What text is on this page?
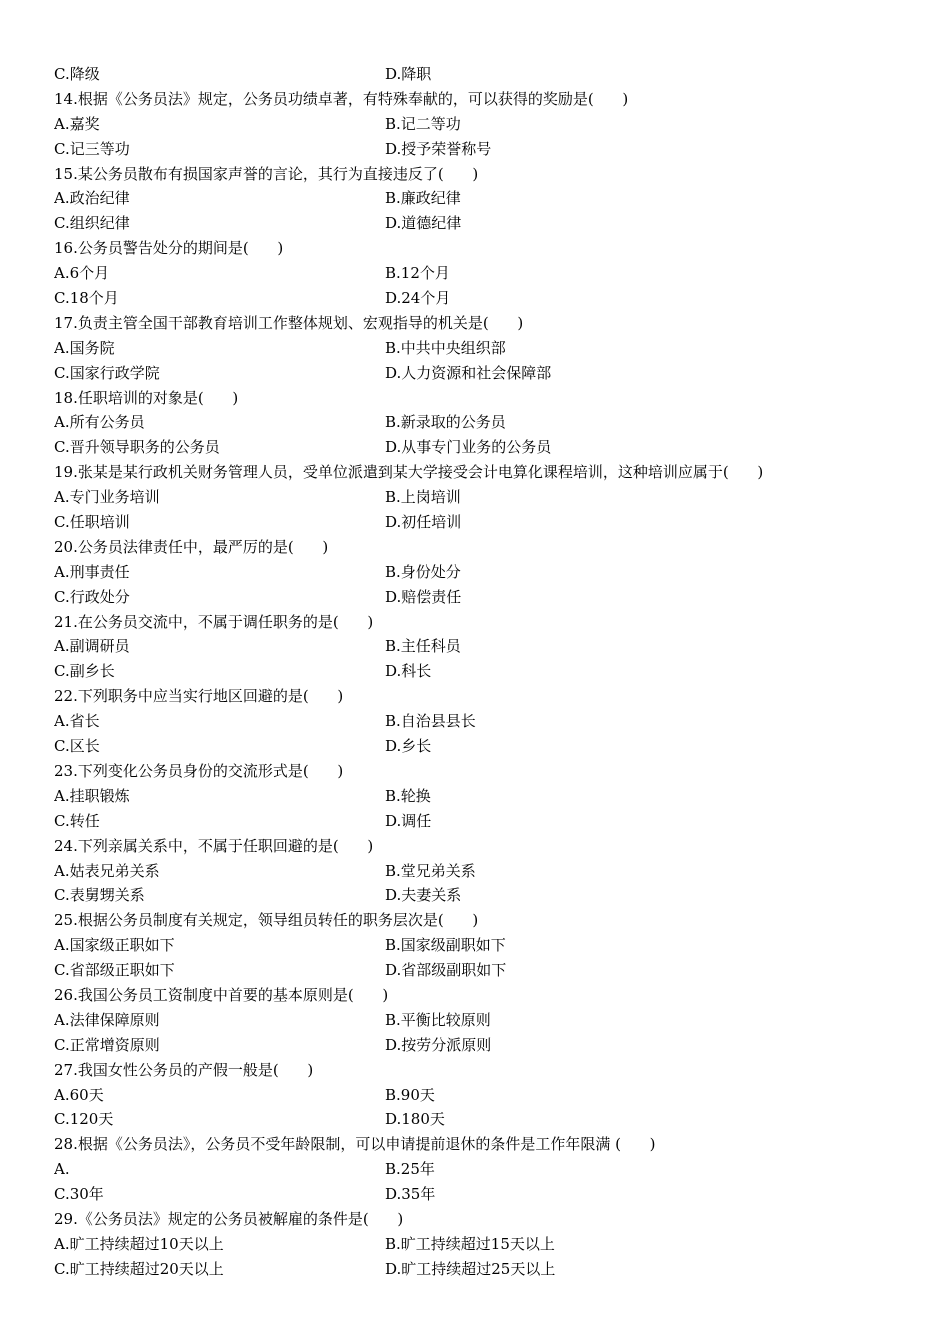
C.降级	D.降职
14.根据《公务员法》规定，公务员功绩卓著，有特殊奉献的，可以获得的奖励是(      )
A.嘉奖	B.记二等功
C.记三等功	D.授予荣誉称号
15.某公务员散布有损国家声誉的言论，其行为直接违反了(      )
A.政治纪律	B.廉政纪律
C.组织纪律	D.道德纪律
16.公务员警告处分的期间是(      )
A.6个月	B.12个月
C.18个月	D.24个月
17.负责主管全国干部教育培训工作整体规划、宏观指导的机关是(      )
A.国务院	B.中共中央组织部
C.国家行政学院	D.人力资源和社会保障部
18.任职培训的对象是(      )
A.所有公务员	B.新录取的公务员
C.晋升领导职务的公务员	D.从事专门业务的公务员
19.张某是某行政机关财务管理人员，受单位派遣到某大学接受会计电算化课程培训，这种培训应属于(      )
A.专门业务培训	B.上岗培训
C.任职培训	D.初任培训
20.公务员法律责任中，最严厉的是(      )
A.刑事责任	B.身份处分
C.行政处分	D.赔偿责任
21.在公务员交流中，不属于调任职务的是(      )
A.副调研员	B.主任科员
C.副乡长	D.科长
22.下列职务中应当实行地区回避的是(      )
A.省长	B.自治县县长
C.区长	D.乡长
23.下列变化公务员身份的交流形式是(      )
A.挂职锻炼	B.轮换
C.转任	D.调任
24.下列亲属关系中，不属于任职回避的是(      )
A.姑表兄弟关系	B.堂兄弟关系
C.表舅甥关系	D.夫妻关系
25.根据公务员制度有关规定，领导组员转任的职务层次是(      )
A.国家级正职如下	B.国家级副职如下
C.省部级正职如下	D.省部级副职如下
26.我国公务员工资制度中首要的基本原则是(      )
A.法律保障原则	B.平衡比较原则
C.正常增资原则	D.按劳分派原则
27.我国女性公务员的产假一般是(      )
A.60天	B.90天
C.120天	D.180天
28.根据《公务员法》，公务员不受年龄限制，可以申请提前退休的条件是工作年限满 (      )
A.	B.25年
C.30年	D.35年
29.《公务员法》规定的公务员被解雇的条件是(      )
A.旷工持续超过10天以上	B.旷工持续超过15天以上
C.旷工持续超过20天以上	D.旷工持续超过25天以上
